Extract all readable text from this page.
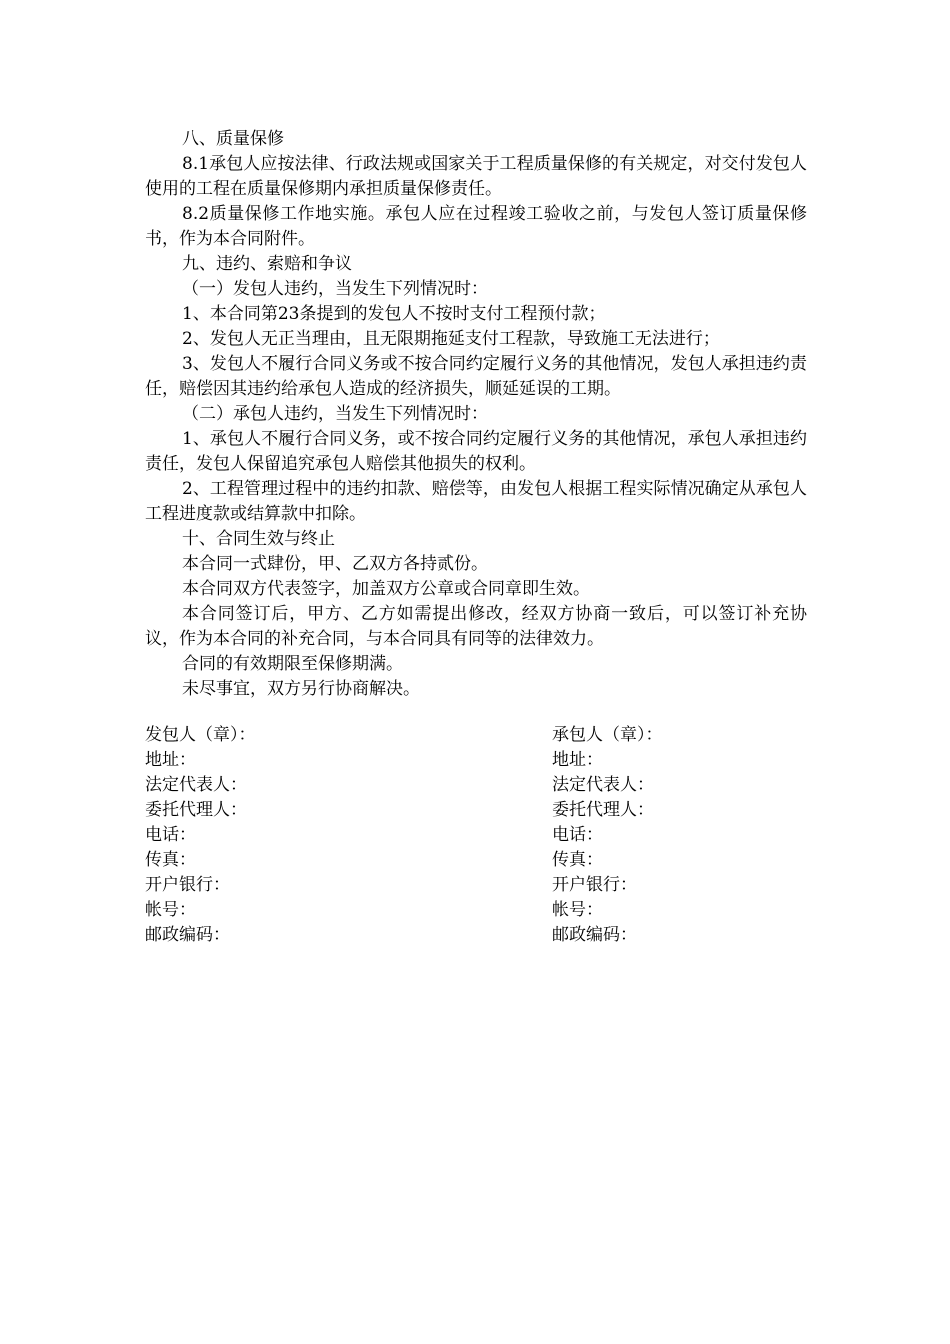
八、质量保修

8.1承包人应按法律、行政法规或国家关于工程质量保修的有关规定，对交付发包人使用的工程在质量保修期内承担质量保修责任。

8.2质量保修工作地实施。承包人应在过程竣工验收之前，与发包人签订质量保修书，作为本合同附件。

九、违约、索赔和争议

（一）发包人违约，当发生下列情况时：

1、本合同第23条提到的发包人不按时支付工程预付款；

2、发包人无正当理由，且无限期拖延支付工程款，导致施工无法进行；

3、发包人不履行合同义务或不按合同约定履行义务的其他情况，发包人承担违约责任，赔偿因其违约给承包人造成的经济损失，顺延延误的工期。

（二）承包人违约，当发生下列情况时：

1、承包人不履行合同义务，或不按合同约定履行义务的其他情况，承包人承担违约责任，发包人保留追究承包人赔偿其他损失的权利。

2、工程管理过程中的违约扣款、赔偿等，由发包人根据工程实际情况确定从承包人工程进度款或结算款中扣除。

十、合同生效与终止

本合同一式肆份，甲、乙双方各持贰份。

本合同双方代表签字，加盖双方公章或合同章即生效。

本合同签订后，甲方、乙方如需提出修改，经双方协商一致后，可以签订补充协议，作为本合同的补充合同，与本合同具有同等的法律效力。

合同的有效期限至保修期满。

未尽事宜，双方另行协商解决。

发包人（章）：
地址：
法定代表人：
委托代理人：
电话：
传真：
开户银行：
帐号：
邮政编码：
承包人（章）：
地址：
法定代表人：
委托代理人：
电话：
传真：
开户银行：
帐号：
邮政编码：
